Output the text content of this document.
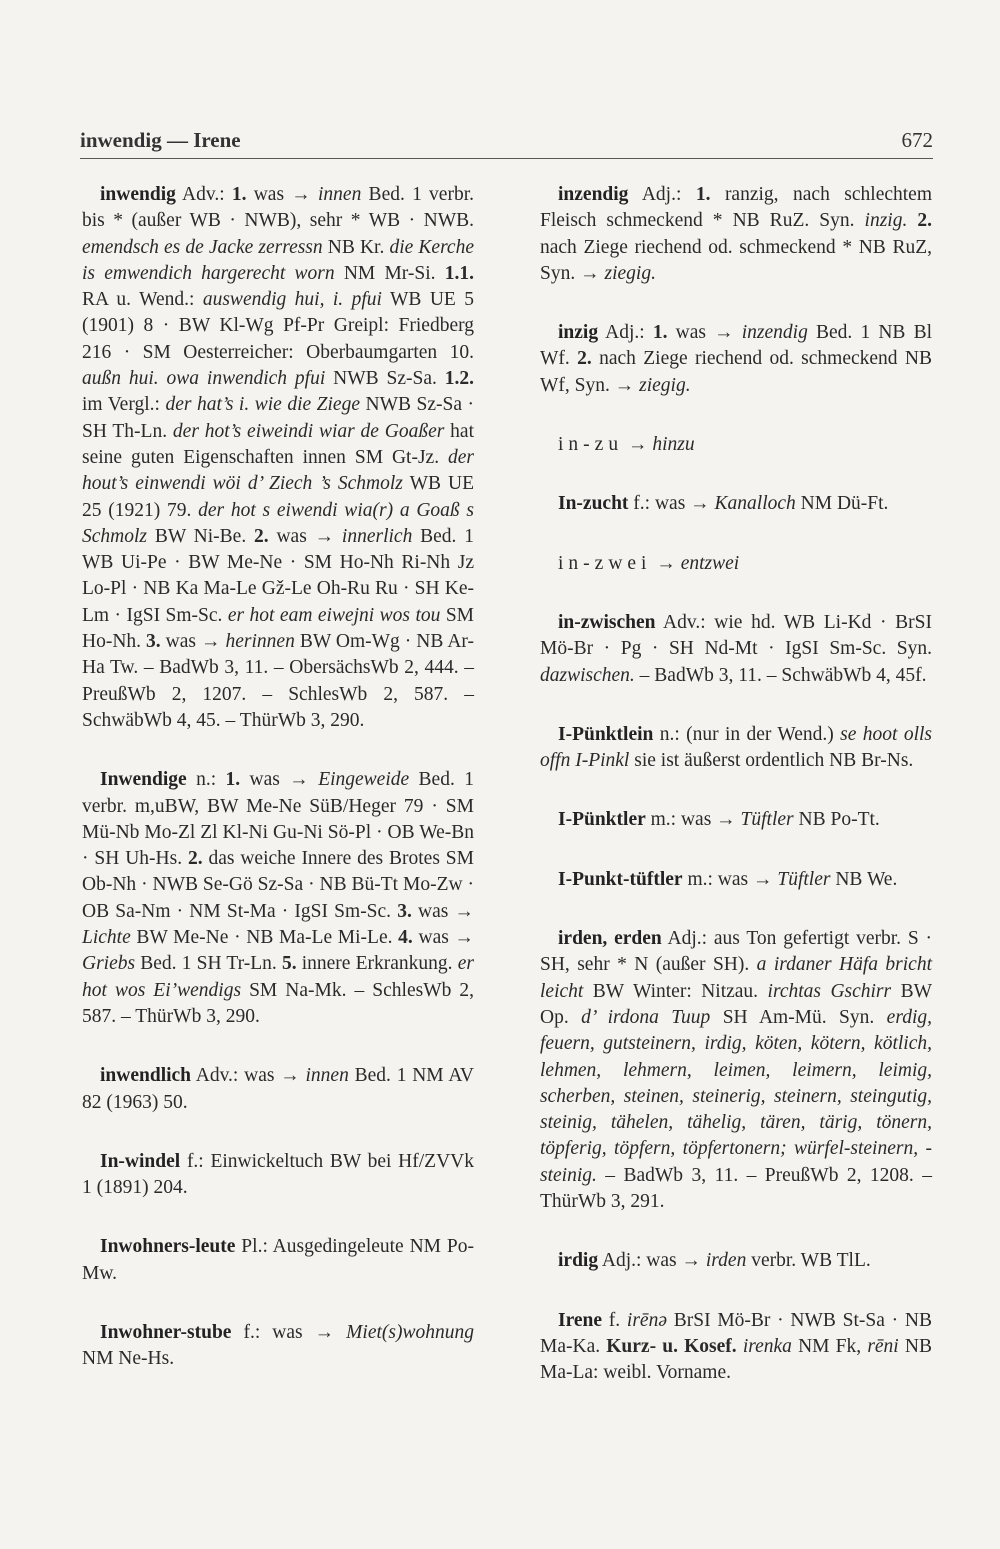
inwendig — Irene	672

inwendig Adv.: 1. was → innen Bed. 1 verbr. bis * (außer WB · NWB), sehr * WB · NWB. emendsch es de Jacke zerressn NB Kr. die Kerche is emwendich hargerecht worn NM Mr-Si. 1.1. RA u. Wend.: auswendig hui, i. pfui WB UE 5 (1901) 8 · BW Kl-Wg Pf-Pr Greipl: Friedberg 216 · SM Oesterreicher: Oberbaumgarten 10. außn hui. owa inwendich pfui NWB Sz-Sa. 1.2. im Vergl.: der hat’s i. wie die Ziege NWB Sz-Sa · SH Th-Ln. der hot’s eiweindi wiar de Goaßer hat seine guten Eigenschaften innen SM Gt-Jz. der hout’s einwendi wöi d’ Ziech ’s Schmolz WB UE 25 (1921) 79. der hot s eiwendi wia(r) a Goaß s Schmolz BW Ni-Be. 2. was → innerlich Bed. 1 WB Ui-Pe · BW Me-Ne · SM Ho-Nh Ri-Nh Jz Lo-Pl · NB Ka Ma-Le Gž-Le Oh-Ru Ru · SH Ke-Lm · IgSI Sm-Sc. er hot eam eiwejni wos tou SM Ho-Nh. 3. was → herinnen BW Om-Wg · NB Ar-Ha Tw. – BadWb 3, 11. – ObersächsWb 2, 444. – PreußWb 2, 1207. – SchlesWb 2, 587. – SchwäbWb 4, 45. – ThürWb 3, 290.

Inwendige n.: 1. was → Eingeweide Bed. 1 verbr. m,uBW, BW Me-Ne SüB/Heger 79 · SM Mü-Nb Mo-Zl Zl Kl-Ni Gu-Ni Sö-Pl · OB We-Bn · SH Uh-Hs. 2. das weiche Innere des Brotes SM Ob-Nh · NWB Se-Gö Sz-Sa · NB Bü-Tt Mo-Zw · OB Sa-Nm · NM St-Ma · IgSI Sm-Sc. 3. was → Lichte BW Me-Ne · NB Ma-Le Mi-Le. 4. was → Griebs Bed. 1 SH Tr-Ln. 5. innere Erkrankung. er hot wos Ei’wendigs SM Na-Mk. – SchlesWb 2, 587. – ThürWb 3, 290.

inwendlich Adv.: was → innen Bed. 1 NM AV 82 (1963) 50.

In-windel f.: Einwickeltuch BW bei Hf/ZVVk 1 (1891) 204.

Inwohners-leute Pl.: Ausgedingeleute NM Po-Mw.

Inwohner-stube f.: was → Miet(s)wohnung NM Ne-Hs.

inzendig Adj.: 1. ranzig, nach schlechtem Fleisch schmeckend * NB RuZ. Syn. inzig. 2. nach Ziege riechend od. schmeckend * NB RuZ, Syn. → ziegig.

inzig Adj.: 1. was → inzendig Bed. 1 NB Bl Wf. 2. nach Ziege riechend od. schmeckend NB Wf, Syn. → ziegig.

in-zu → hinzu

In-zucht f.: was → Kanalloch NM Dü-Ft.

in-zwei → entzwei

in-zwischen Adv.: wie hd. WB Li-Kd · BrSI Mö-Br · Pg · SH Nd-Mt · IgSI Sm-Sc. Syn. dazwischen. – BadWb 3, 11. – SchwäbWb 4, 45f.

I-Pünktlein n.: (nur in der Wend.) se hoot olls offn I-Pinkl sie ist äußerst ordentlich NB Br-Ns.

I-Pünktler m.: was → Tüftler NB Po-Tt.

I-Punkt-tüftler m.: was → Tüftler NB We.

irden, erden Adj.: aus Ton gefertigt verbr. S · SH, sehr * N (außer SH). a irdaner Häfa bricht leicht BW Winter: Nitzau. irchtas Gschirr BW Op. d’ irdona Tuup SH Am-Mü. Syn. erdig, feuern, gutsteinern, irdig, köten, kötern, kötlich, lehmen, lehmern, leimen, leimern, leimig, scherben, steinen, steinerig, steinern, steingutig, steinig, tähelen, tähelig, tären, tärig, tönern, töpferig, töpfern, töpfertonern; würfel-steinern, -steinig. – BadWb 3, 11. – PreußWb 2, 1208. – ThürWb 3, 291.

irdig Adj.: was → irden verbr. WB TlL.

Irene f. irēnə BrSI Mö-Br · NWB St-Sa · NB Ma-Ka. Kurz- u. Kosef. irenka NM Fk, rēni NB Ma-La: weibl. Vorname.
